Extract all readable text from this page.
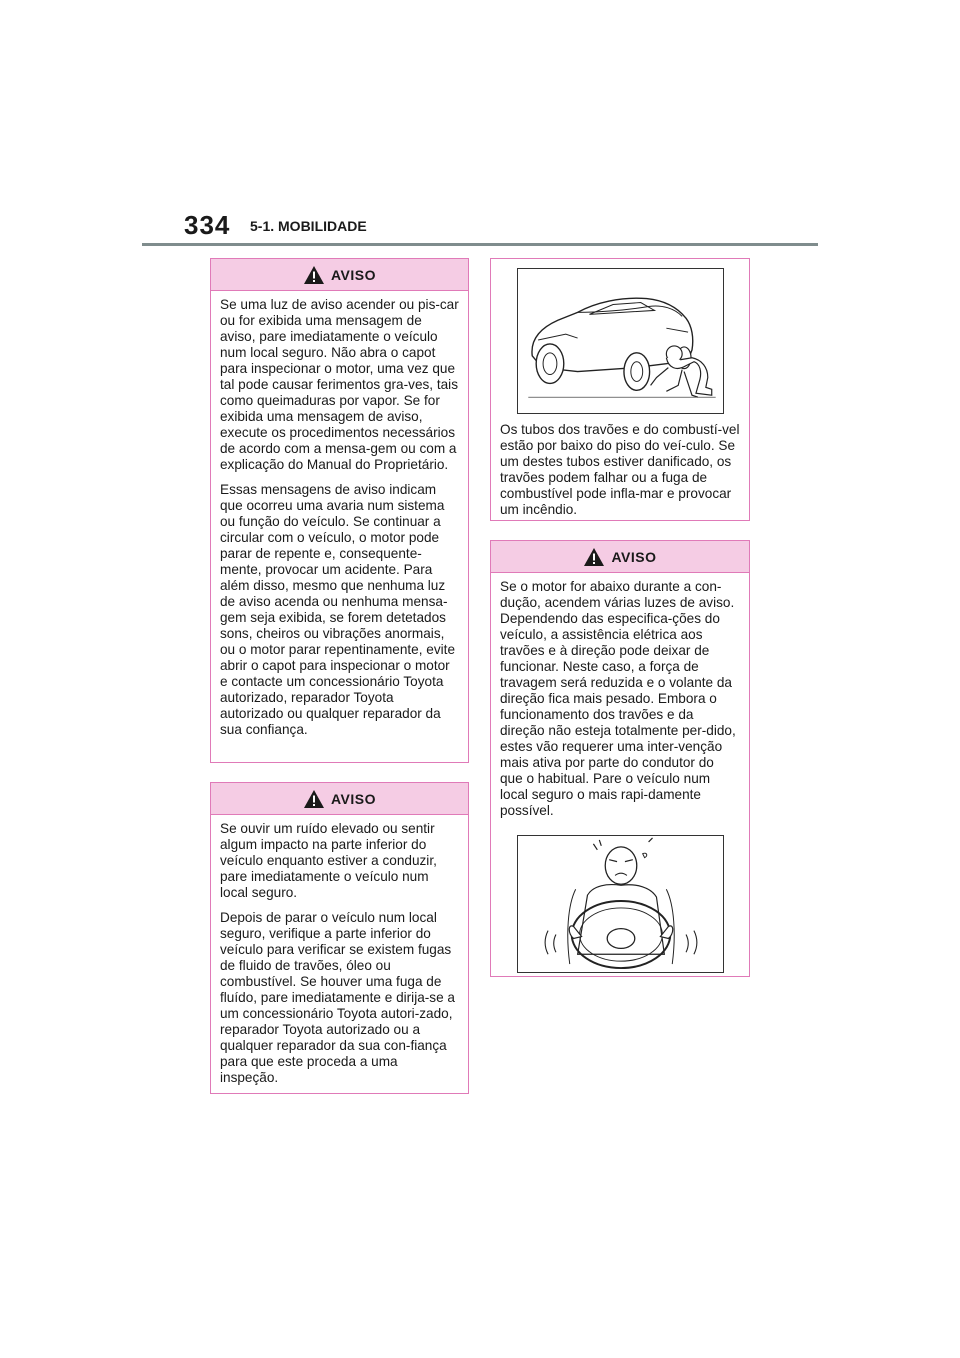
334 5-1. MOBILIDADE
AVISO

Se uma luz de aviso acender ou pis-car ou for exibida uma mensagem de aviso, pare imediatamente o veículo num local seguro. Não abra o capot para inspecionar o motor, uma vez que tal pode causar ferimentos gra-ves, tais como queimaduras por vapor. Se for exibida uma mensagem de aviso, execute os procedimentos necessários de acordo com a mensa-gem ou com a explicação do Manual do Proprietário.

Essas mensagens de aviso indicam que ocorreu uma avaria num sistema ou função do veículo. Se continuar a circular com o veículo, o motor pode parar de repente e, consequente-mente, provocar um acidente. Para além disso, mesmo que nenhuma luz de aviso acenda ou nenhuma mensa-gem seja exibida, se forem detetados sons, cheiros ou vibrações anormais, ou o motor parar repentinamente, evite abrir o capot para inspecionar o motor e contacte um concessionário Toyota autorizado, reparador Toyota autorizado ou qualquer reparador da sua confiança.

AVISO

Se ouvir um ruído elevado ou sentir algum impacto na parte inferior do veículo enquanto estiver a conduzir, pare imediatamente o veículo num local seguro.

Depois de parar o veículo num local seguro, verifique a parte inferior do veículo para verificar se existem fugas de fluido de travões, óleo ou combustível. Se houver uma fuga de fluído, pare imediatamente e dirija-se a um concessionário Toyota autori-zado, reparador Toyota autorizado ou a qualquer reparador da sua con-fiança para que este proceda a uma inspeção.

Os tubos dos travões e do combustí-vel estão por baixo do piso do veí-culo. Se um destes tubos estiver danificado, os travões podem falhar ou a fuga de combustível pode infla-mar e provocar um incêndio.

AVISO

Se o motor for abaixo durante a con-dução, acendem várias luzes de aviso. Dependendo das especifica-ções do veículo, a assistência elétrica aos travões e à direção pode deixar de funcionar. Neste caso, a força de travagem será reduzida e o volante da direção fica mais pesado. Embora o funcionamento dos travões e da direção não esteja totalmente per-dido, estes vão requerer uma inter-venção mais ativa por parte do condutor do que o habitual. Pare o veículo num local seguro o mais rapi-damente possível.
